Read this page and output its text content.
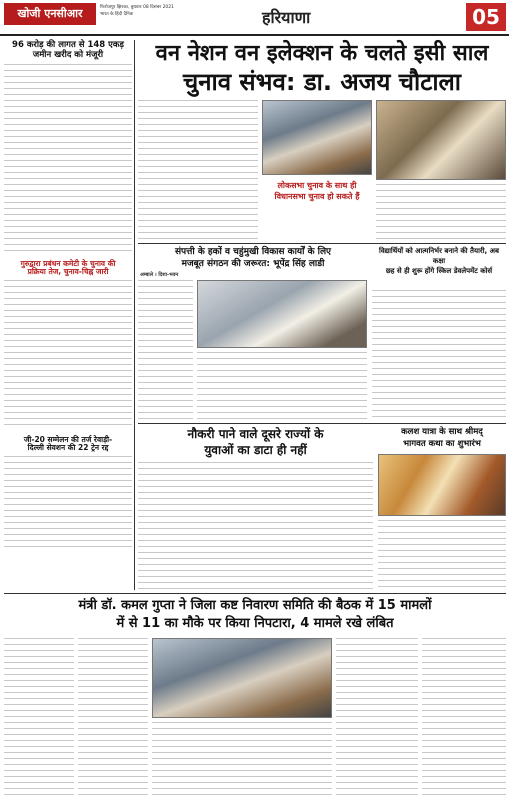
खोजी एनसीआर	फिरोजपुर झिरका, बुधवार 08 दिसंबर 2021
भारत के हिंदी दैनिक	हरियाणा	05
96 करोड़ की लागत से 148 एकड़
जमीन खरीद को मंजूरी
गुरुद्वारा प्रबंधन कमेटी के चुनाव की
प्रक्रिया तेज, चुनाव-चिह्न जारी
जी-20 सम्मेलन की तर्ज रेवाड़ी-
दिल्ली सेवशन की 22 ट्रेन रद्द
वन नेशन वन इलेक्शन के चलते इसी साल
चुनाव संभव: डा. अजय चौटाला
लोकसभा चुनाव के साथ ही विधानसभा चुनाव हो सकते हैं
संपत्ती के हकों व चहुंमुखी विकास कार्यों के लिए
मजबूत संगठन की जरूरत: भूपेंद्र सिंह लाडी
अम्बाले । दिशा-भवन
विद्यार्थियों को आत्मनिर्भर बनाने की तैयारी, अब कक्षा
छह से ही शुरू होंगे स्किल डेवलेपमेंट कोर्स
नौकरी पाने वाले दूसरे राज्यों के
युवाओं का डाटा ही नहीं
कलश यात्रा के साथ श्रीमद्
भागवत कथा का शुभारंभ
मंत्री डॉ. कमल गुप्ता ने जिला कष्ट निवारण समिति की बैठक में 15 मामलों
में से 11 का मौके पर किया निपटारा, 4 मामले रखे लंबित
